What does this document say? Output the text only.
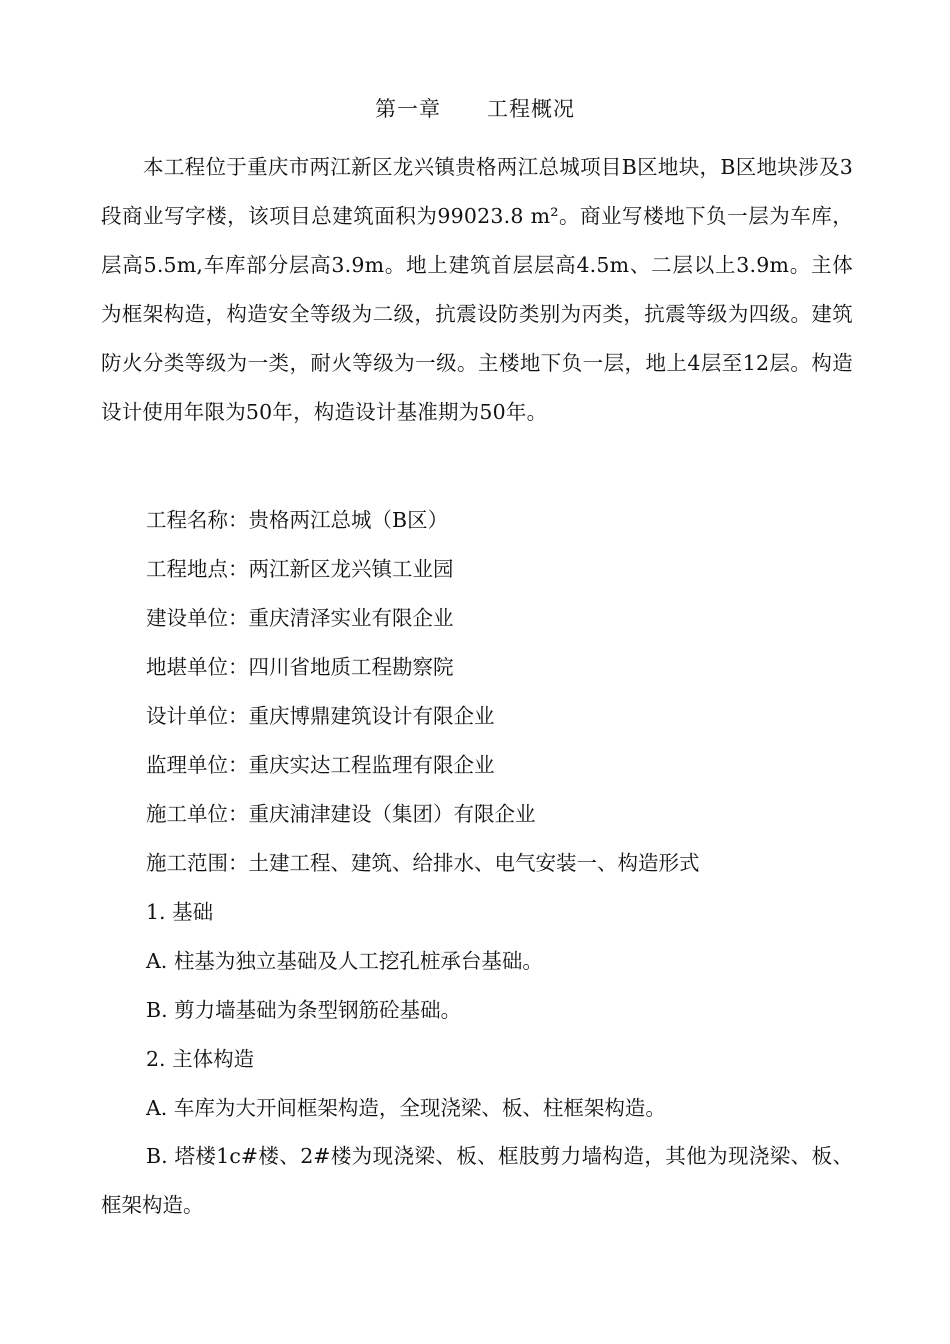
第一章      工程概况

本工程位于重庆市两江新区龙兴镇贵格两江总城项目B区地块，B区地块涉及3段商业写字楼，该项目总建筑面积为99023.8 m²。商业写楼地下负一层为车库，层高5.5m,车库部分层高3.9m。地上建筑首层层高4.5m、二层以上3.9m。主体为框架构造，构造安全等级为二级，抗震设防类别为丙类，抗震等级为四级。建筑防火分类等级为一类，耐火等级为一级。主楼地下负一层，地上4层至12层。构造设计使用年限为50年，构造设计基准期为50年。

工程名称：贵格两江总城（B区）

工程地点：两江新区龙兴镇工业园

建设单位：重庆清泽实业有限企业

地堪单位：四川省地质工程勘察院

设计单位：重庆博鼎建筑设计有限企业

监理单位：重庆实达工程监理有限企业

施工单位：重庆浦津建设（集团）有限企业

施工范围：土建工程、建筑、给排水、电气安装一、构造形式

1. 基础

A. 柱基为独立基础及人工挖孔桩承台基础。

B. 剪力墙基础为条型钢筋砼基础。

2. 主体构造

A. 车库为大开间框架构造，全现浇梁、板、柱框架构造。

B. 塔楼1c#楼、2#楼为现浇梁、板、框肢剪力墙构造，其他为现浇梁、板、框架构造。
